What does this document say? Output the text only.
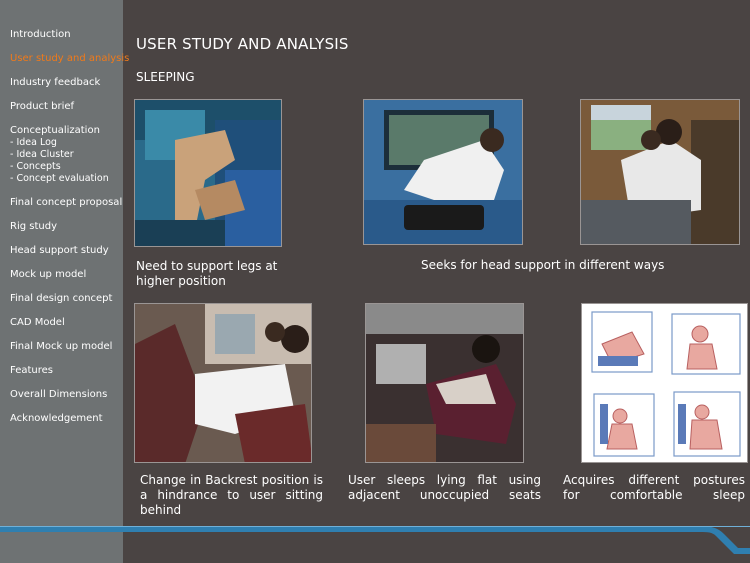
Introduction
User study and analysis
Industry feedback
Product brief
Conceptualization
- Idea Log
- Idea Cluster
- Concepts
- Concept evaluation
Final concept proposal
Rig study
Head support study
Mock up model
Final design concept
CAD Model
Final Mock up model
Features
Overall Dimensions
Acknowledgement
USER STUDY AND ANALYSIS
SLEEPING
Need to support legs at higher position
Seeks for head support in different ways
Change in Backrest position is a hindrance to user sitting behind
User sleeps lying flat using adjacent unoccupied seats
Acquires different postures for comfortable sleep
